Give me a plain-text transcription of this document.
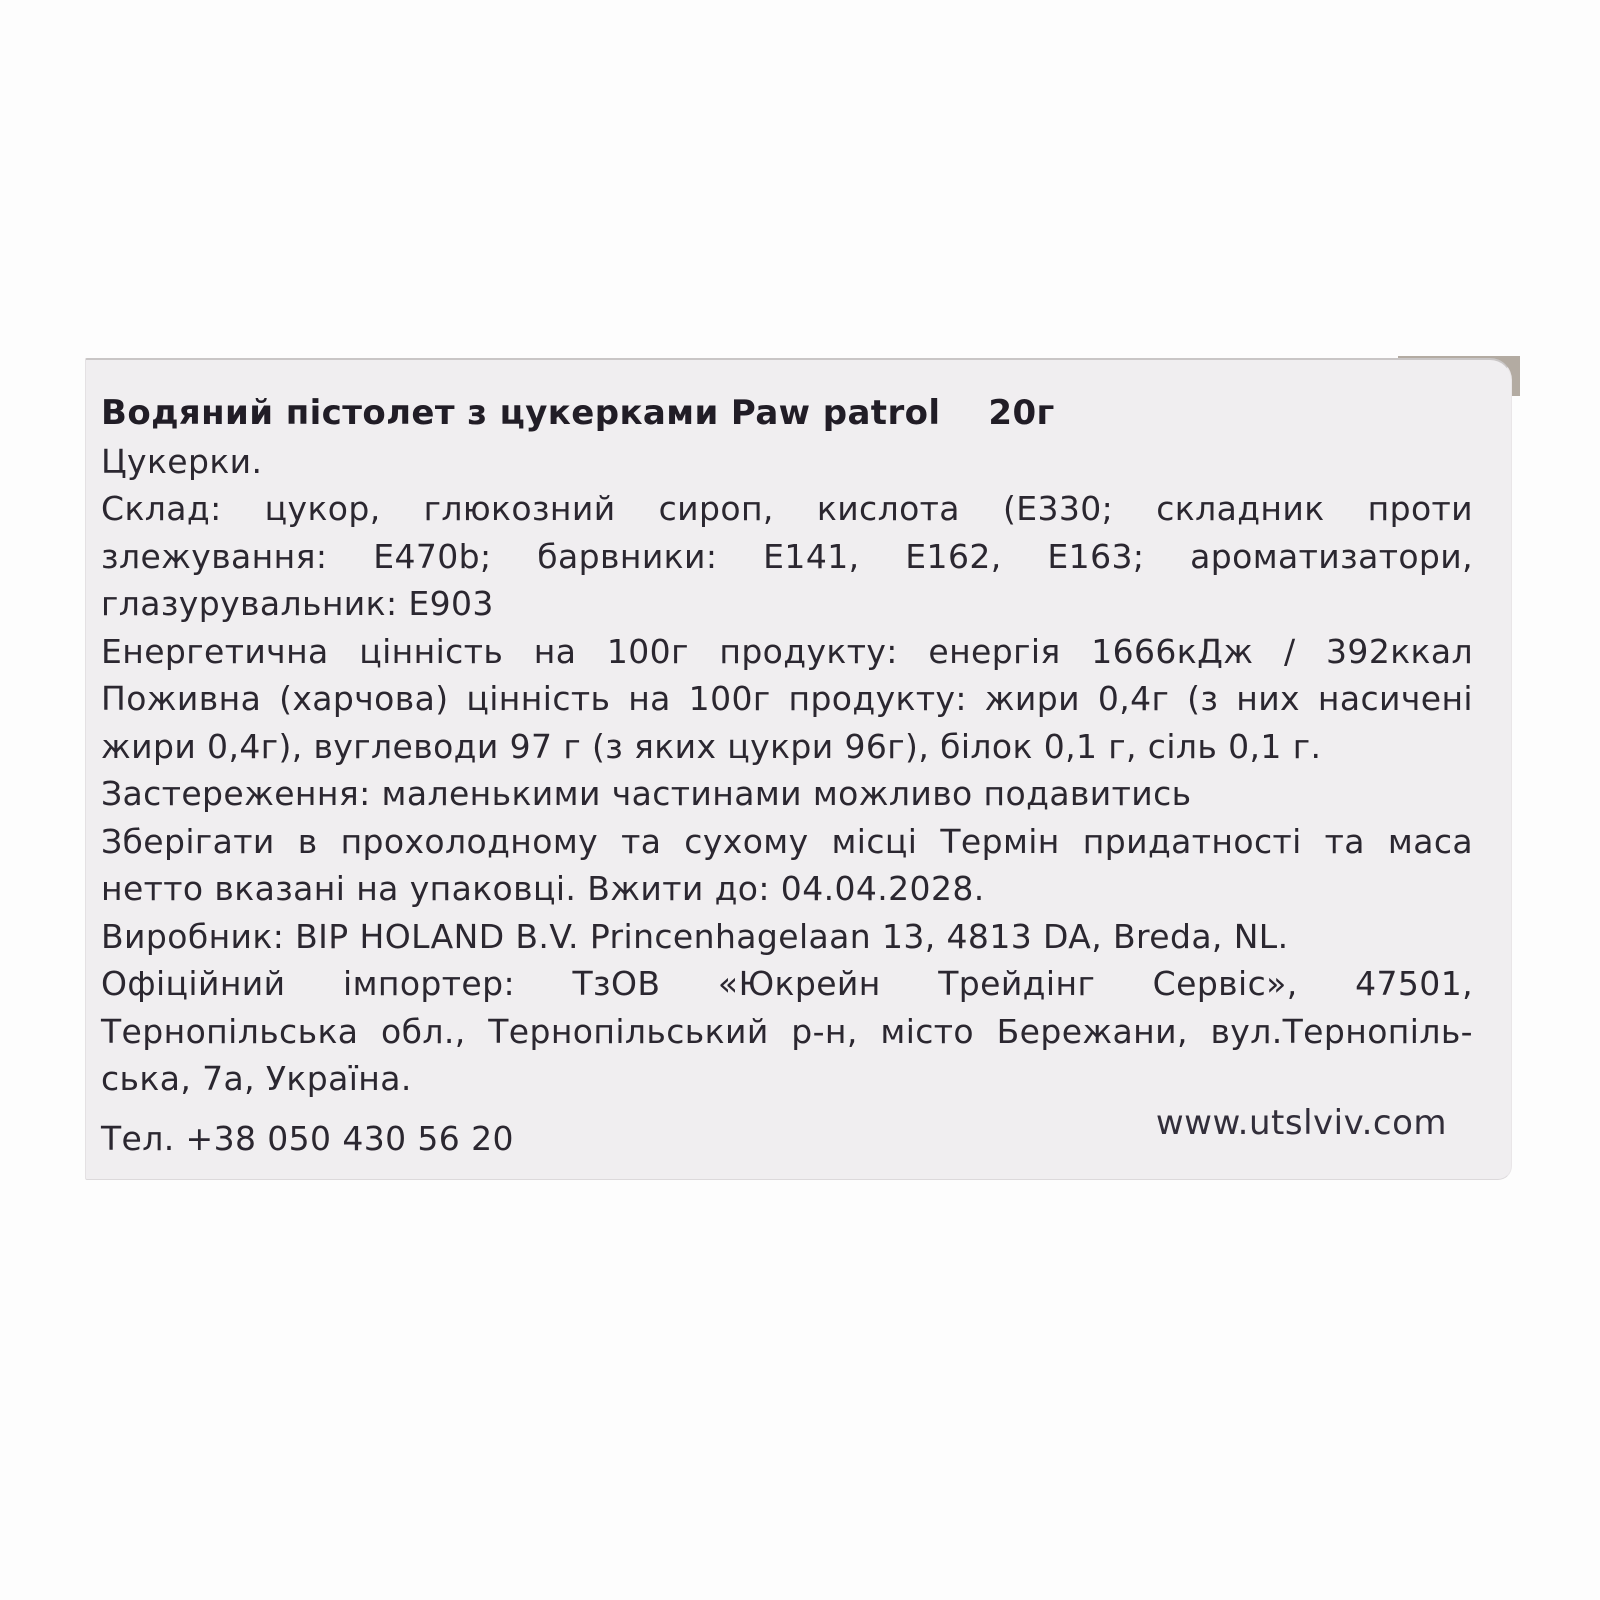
Водяний пістолет з цукерками Paw patrol 20г
Цукерки.
Склад: цукор, глюкозний сироп, кислота (Е330; складник проти
злежування: Е470b; барвники: Е141, Е162, Е163; ароматизатори,
глазурувальник: Е903
Енергетична цінність на 100г продукту: енергія 1666кДж / 392ккал
Поживна (харчова) цінність на 100г продукту: жири 0,4г (з них насичені
жири 0,4г), вуглеводи 97 г (з яких цукри 96г), білок 0,1 г, сіль 0,1 г.
Застереження: маленькими частинами можливо подавитись
Зберігати в прохолодному та сухому місці Термін придатності та маса
нетто вказані на упаковці. Вжити до: 04.04.2028.
Виробник: BIP HOLAND B.V. Princenhagelaan 13, 4813 DA, Breda, NL.
Офіційний імпортер: ТзОВ «Юкрейн Трейдінг Сервіс», 47501,
Тернопільська обл., Тернопільський р-н, місто Бережани, вул.Тернопіль-
ська, 7а, Україна.
Тел. +38 050 430 56 20	www.utslviv.com
